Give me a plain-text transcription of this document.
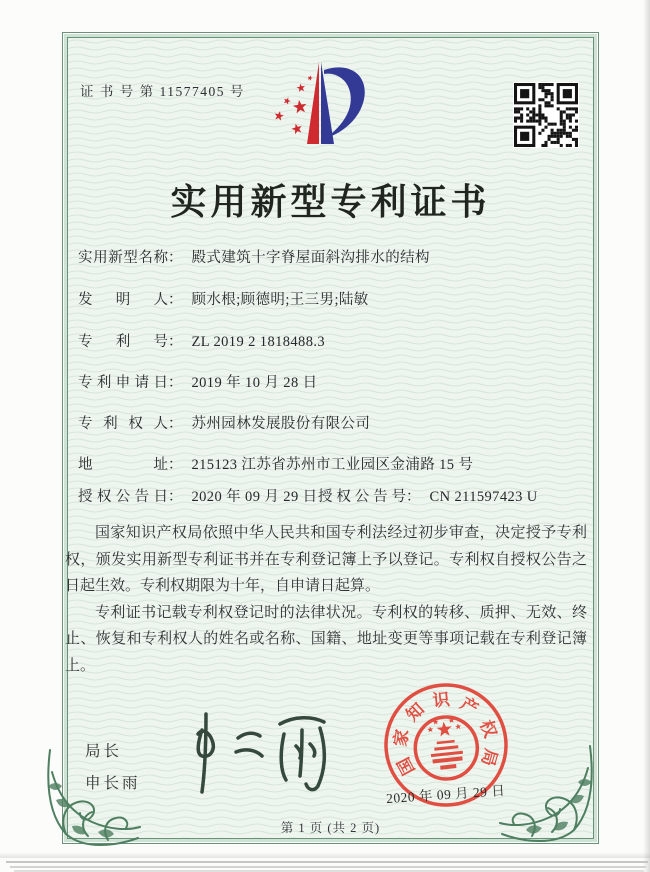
证 书 号 第 11577405 号
实用新型专利证书
实用新型名称： 殿式建筑十字脊屋面斜沟排水的结构
发明人： 顾水根;顾德明;王三男;陆敏
专利号： ZL 2019 2 1818488.3
专利申请日： 2019 年 10 月 28 日
专利权人： 苏州园林发展股份有限公司
地址： 215123 江苏省苏州市工业园区金浦路 15 号
授权公告日： 2020 年 09 月 29 日 授权公告号： CN 211597423 U

国家知识产权局依照中华人民共和国专利法经过初步审查，决定授予专利权，颁发实用新型专利证书并在专利登记簿上予以登记。专利权自授权公告之日起生效。专利权期限为十年，自申请日起算。

专利证书记载专利权登记时的法律状况。专利权的转移、质押、无效、终止、恢复和专利权人的姓名或名称、国籍、地址变更等事项记载在专利登记簿上。

局长
申长雨
国
家
知 识 产
权
局
2020 年 09 月 29 日
第 1 页 (共 2 页)
